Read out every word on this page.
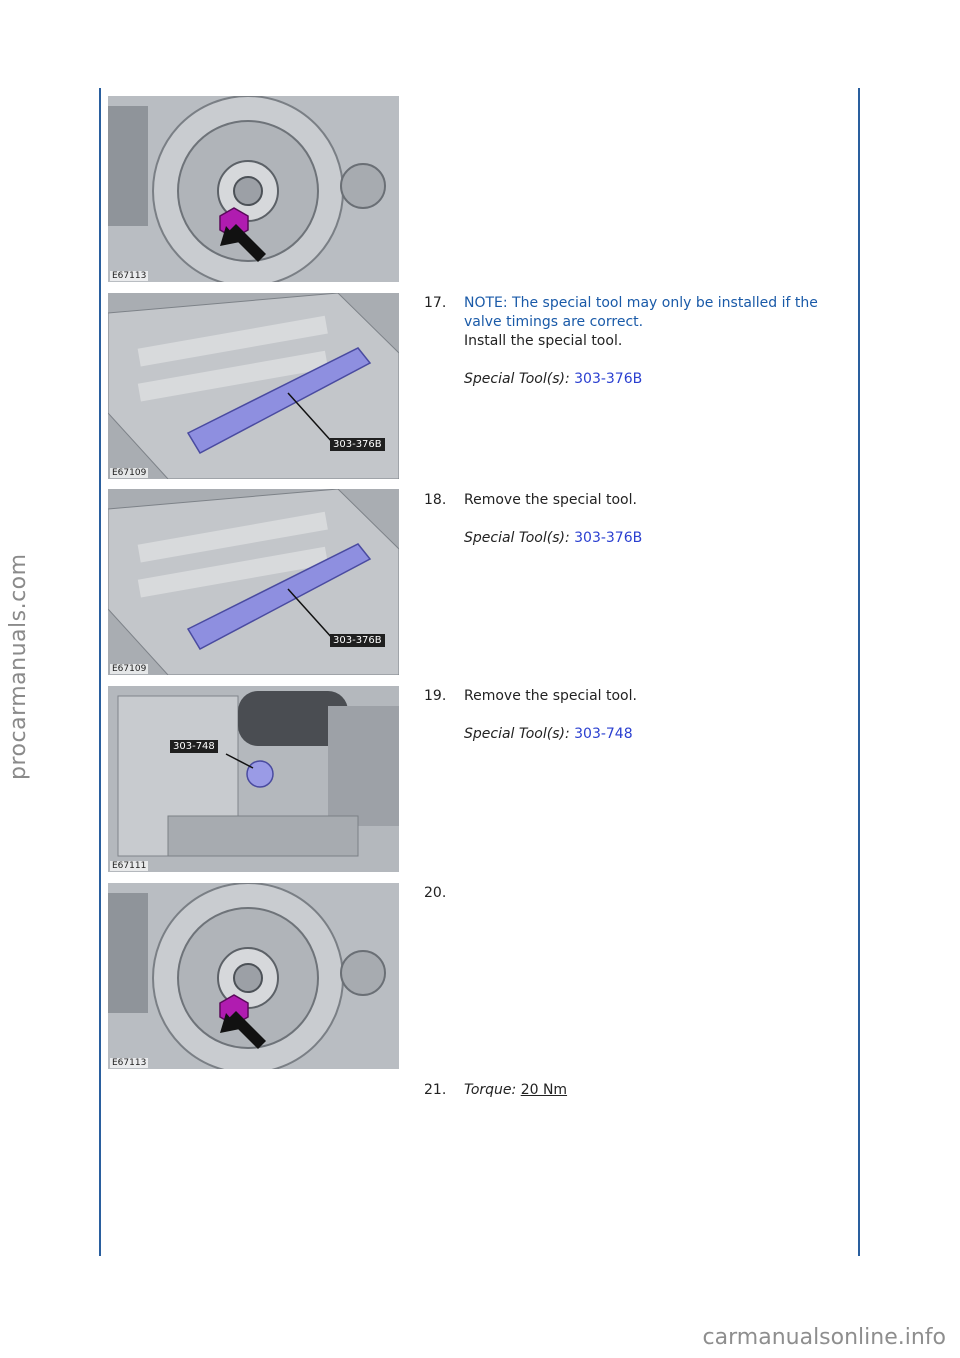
procarmanuals.com
carmanualsonline.info
E67113
303-376B
E67109
303-376B
E67109
303-748
E67111
E67113
17. NOTE: The special tool may only be installed if the valve timings are correct.
Install the special tool.
Special Tool(s): 303-376B
18. Remove the special tool.
Special Tool(s): 303-376B
19. Remove the special tool.
Special Tool(s): 303-748
20.
21. Torque: 20 Nm
